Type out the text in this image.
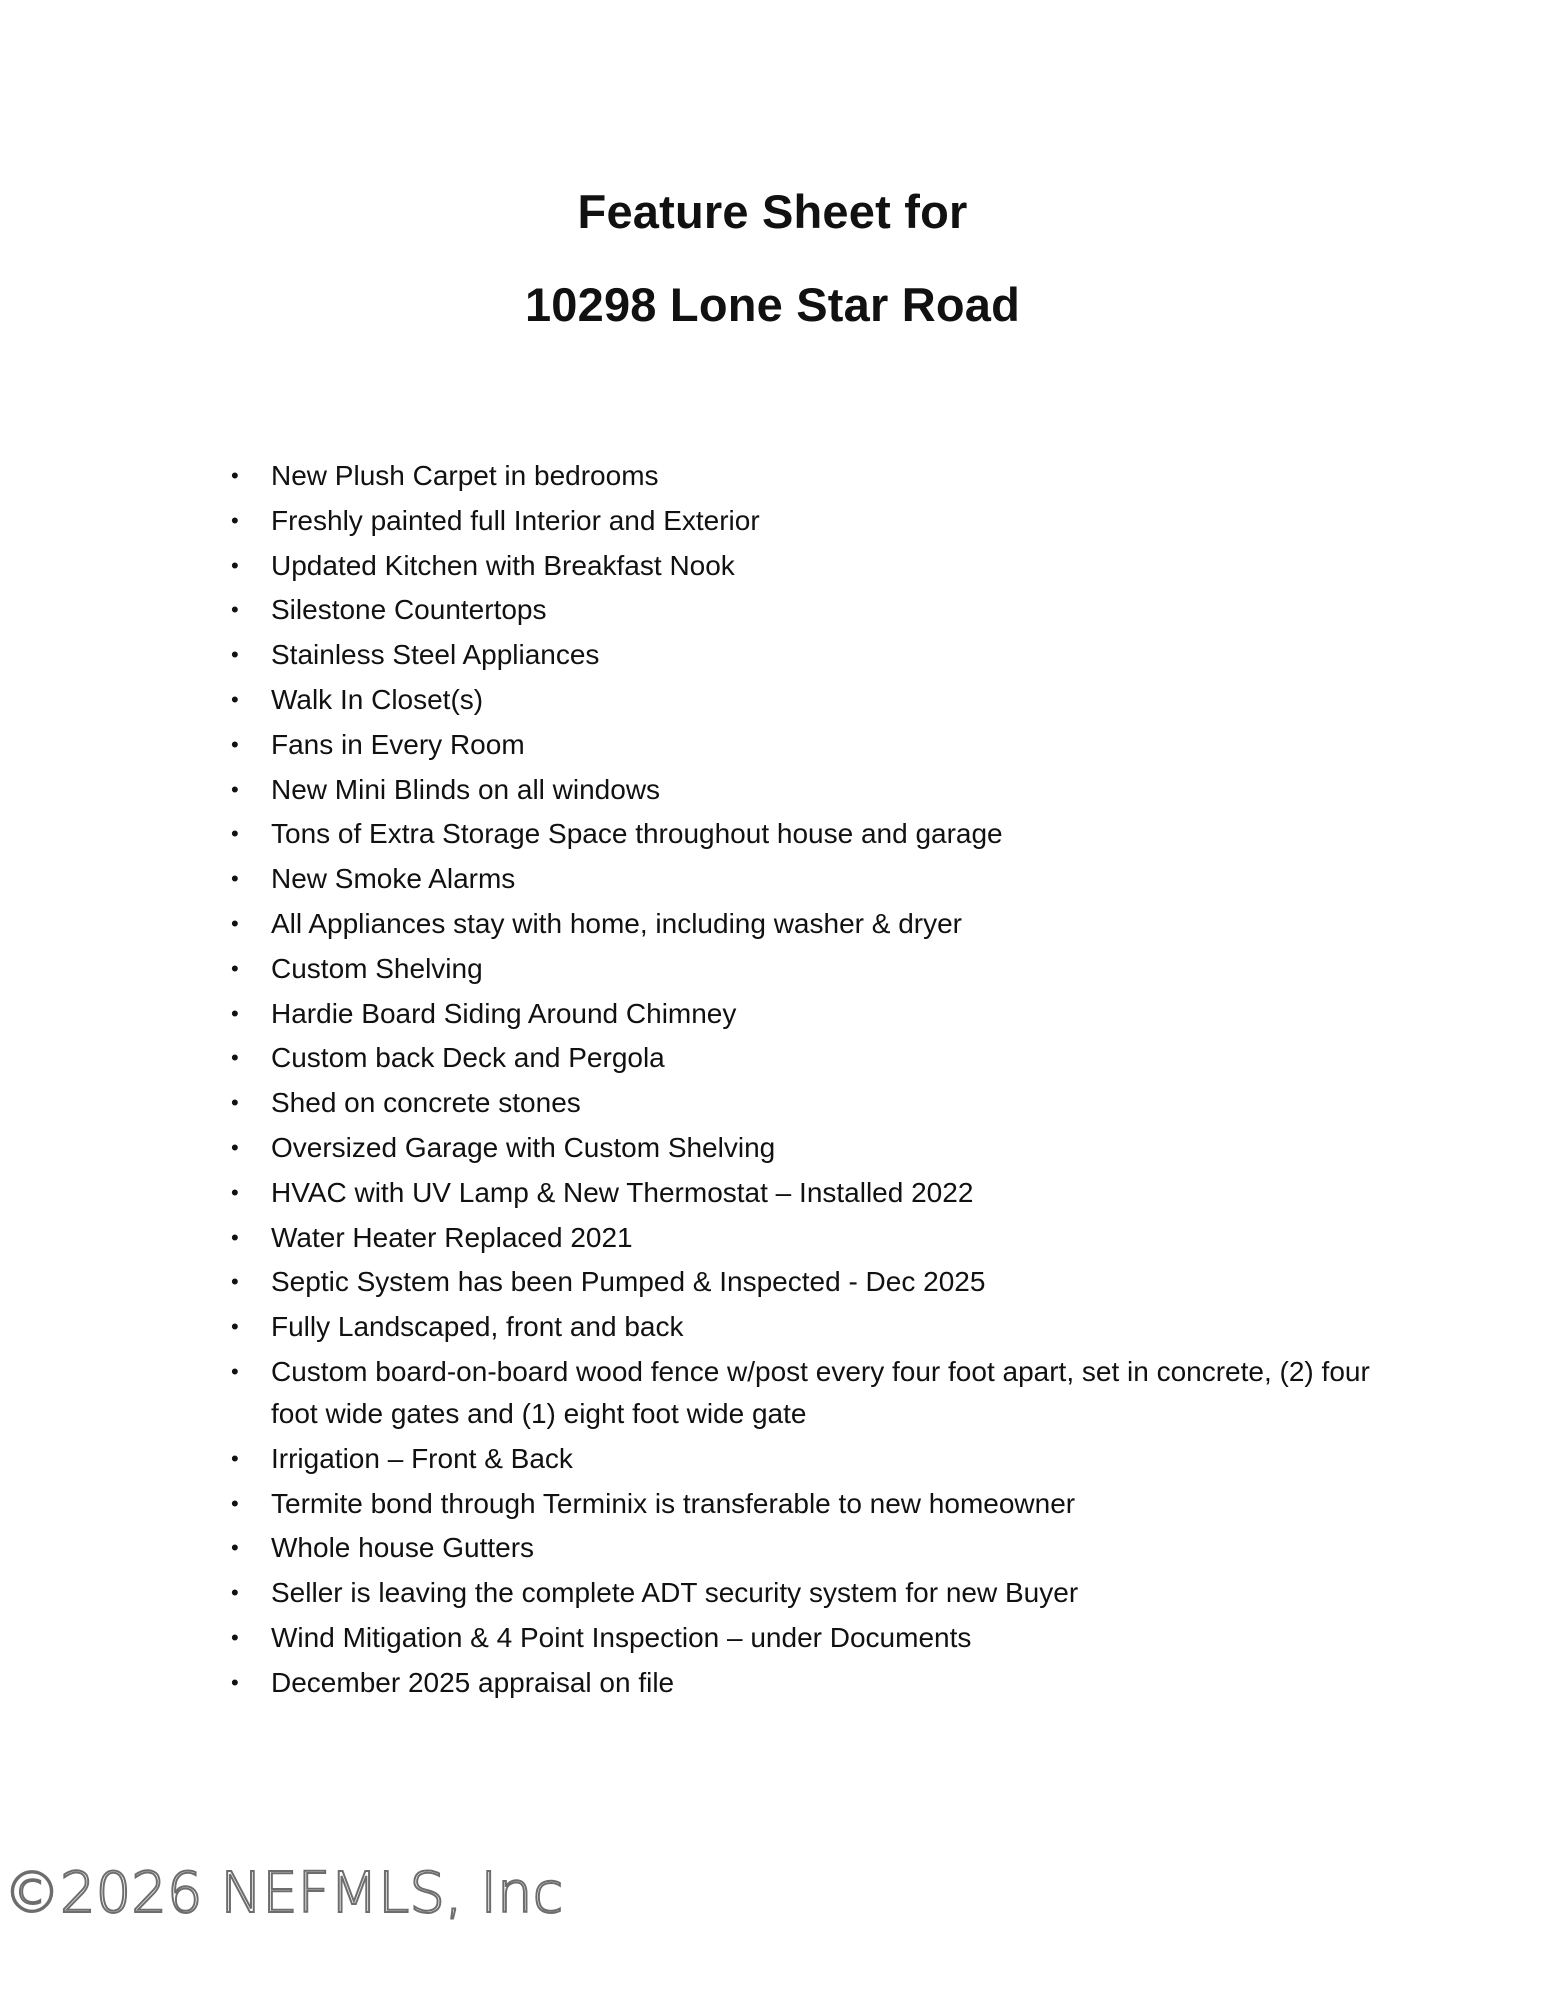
Feature Sheet for
10298 Lone Star Road
•	New Plush Carpet in bedrooms
•	Freshly painted full Interior and Exterior
•	Updated Kitchen with Breakfast Nook
•	Silestone Countertops
•	Stainless Steel Appliances
•	Walk In Closet(s)
•	Fans in Every Room
•	New Mini Blinds on all windows
•	Tons of Extra Storage Space throughout house and garage
•	New Smoke Alarms
•	All Appliances stay with home, including washer & dryer
•	Custom Shelving
•	Hardie Board Siding Around Chimney
•	Custom back Deck and Pergola
•	Shed on concrete stones
•	Oversized Garage with Custom Shelving
•	HVAC with UV Lamp & New Thermostat – Installed 2022
•	Water Heater Replaced 2021
•	Septic System has been Pumped & Inspected - Dec 2025
•	Fully Landscaped, front and back
•	Custom board-on-board wood fence w/post every four foot apart, set in concrete, (2) four foot wide gates and (1) eight foot wide gate
•	Irrigation – Front & Back
•	Termite bond through Terminix is transferable to new homeowner
•	Whole house Gutters
•	Seller is leaving the complete ADT security system for new Buyer
•	Wind Mitigation & 4 Point Inspection – under Documents
•	December 2025 appraisal on file
©2026 NEFMLS, Inc
